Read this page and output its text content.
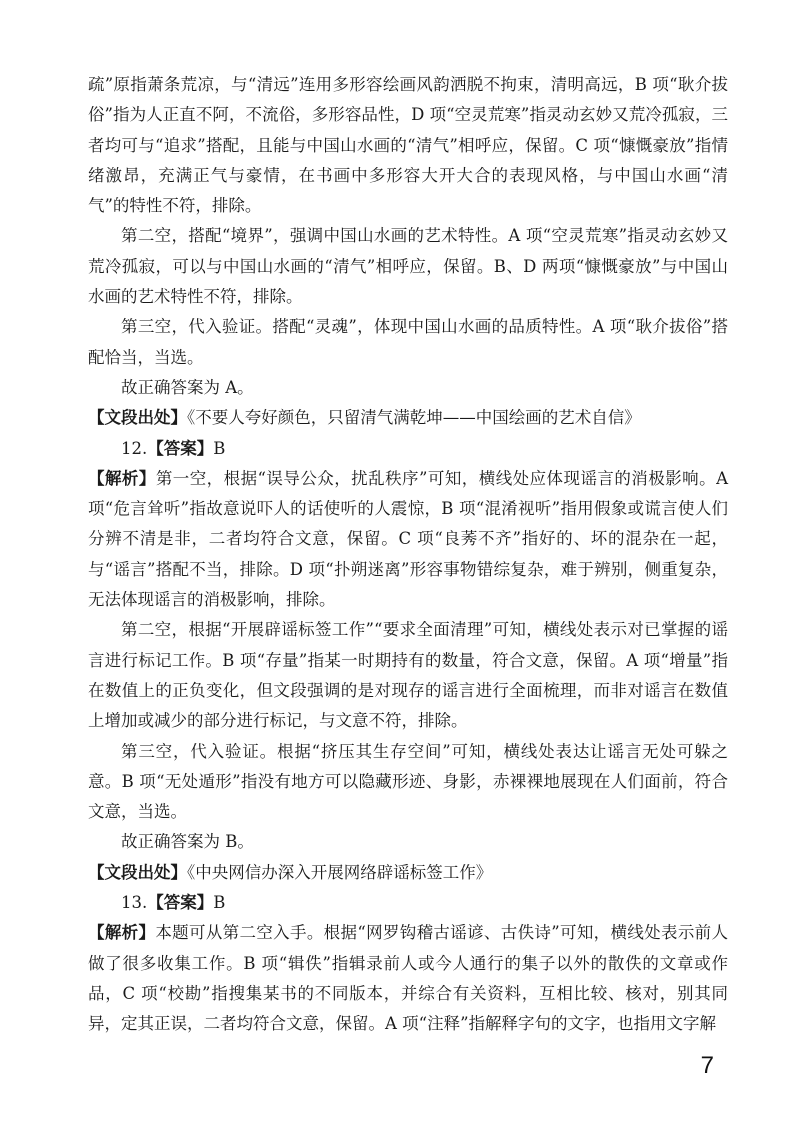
疏”原指萧条荒凉，与“清远”连用多形容绘画风韵洒脱不拘束，清明高远，B 项“耿介拔俗”指为人正直不阿，不流俗，多形容品性，D 项“空灵荒寒”指灵动玄妙又荒冷孤寂，三者均可与“追求”搭配，且能与中国山水画的“清气”相呼应，保留。C 项“慷慨豪放”指情绪激昂，充满正气与豪情，在书画中多形容大开大合的表现风格，与中国山水画“清气”的特性不符，排除。

第二空，搭配“境界”，强调中国山水画的艺术特性。A 项“空灵荒寒”指灵动玄妙又荒冷孤寂，可以与中国山水画的“清气”相呼应，保留。B、D 两项“慷慨豪放”与中国山水画的艺术特性不符，排除。

第三空，代入验证。搭配“灵魂”，体现中国山水画的品质特性。A 项“耿介拔俗”搭配恰当，当选。

故正确答案为 A。

【文段出处】《不要人夸好颜色，只留清气满乾坤——中国绘画的艺术自信》

12.【答案】B

【解析】第一空，根据“误导公众，扰乱秩序”可知，横线处应体现谣言的消极影响。A 项“危言耸听”指故意说吓人的话使听的人震惊，B 项“混淆视听”指用假象或谎言使人们分辨不清是非，二者均符合文意，保留。C 项“良莠不齐”指好的、坏的混杂在一起，与“谣言”搭配不当，排除。D 项“扑朔迷离”形容事物错综复杂，难于辨别，侧重复杂，无法体现谣言的消极影响，排除。

第二空，根据“开展辟谣标签工作”“要求全面清理”可知，横线处表示对已掌握的谣言进行标记工作。B 项“存量”指某一时期持有的数量，符合文意，保留。A 项“增量”指在数值上的正负变化，但文段强调的是对现存的谣言进行全面梳理，而非对谣言在数值上增加或减少的部分进行标记，与文意不符，排除。

第三空，代入验证。根据“挤压其生存空间”可知，横线处表达让谣言无处可躲之意。B 项“无处遁形”指没有地方可以隐藏形迹、身影，赤裸裸地展现在人们面前，符合文意，当选。

故正确答案为 B。

【文段出处】《中央网信办深入开展网络辟谣标签工作》

13.【答案】B

【解析】本题可从第二空入手。根据“网罗钩稽古谣谚、古佚诗”可知，横线处表示前人做了很多收集工作。B 项“辑佚”指辑录前人或今人通行的集子以外的散佚的文章或作品，C 项“校勘”指搜集某书的不同版本，并综合有关资料，互相比较、核对，别其同异，定其正误，二者均符合文意，保留。A 项“注释”指解释字句的文字，也指用文字解

7
